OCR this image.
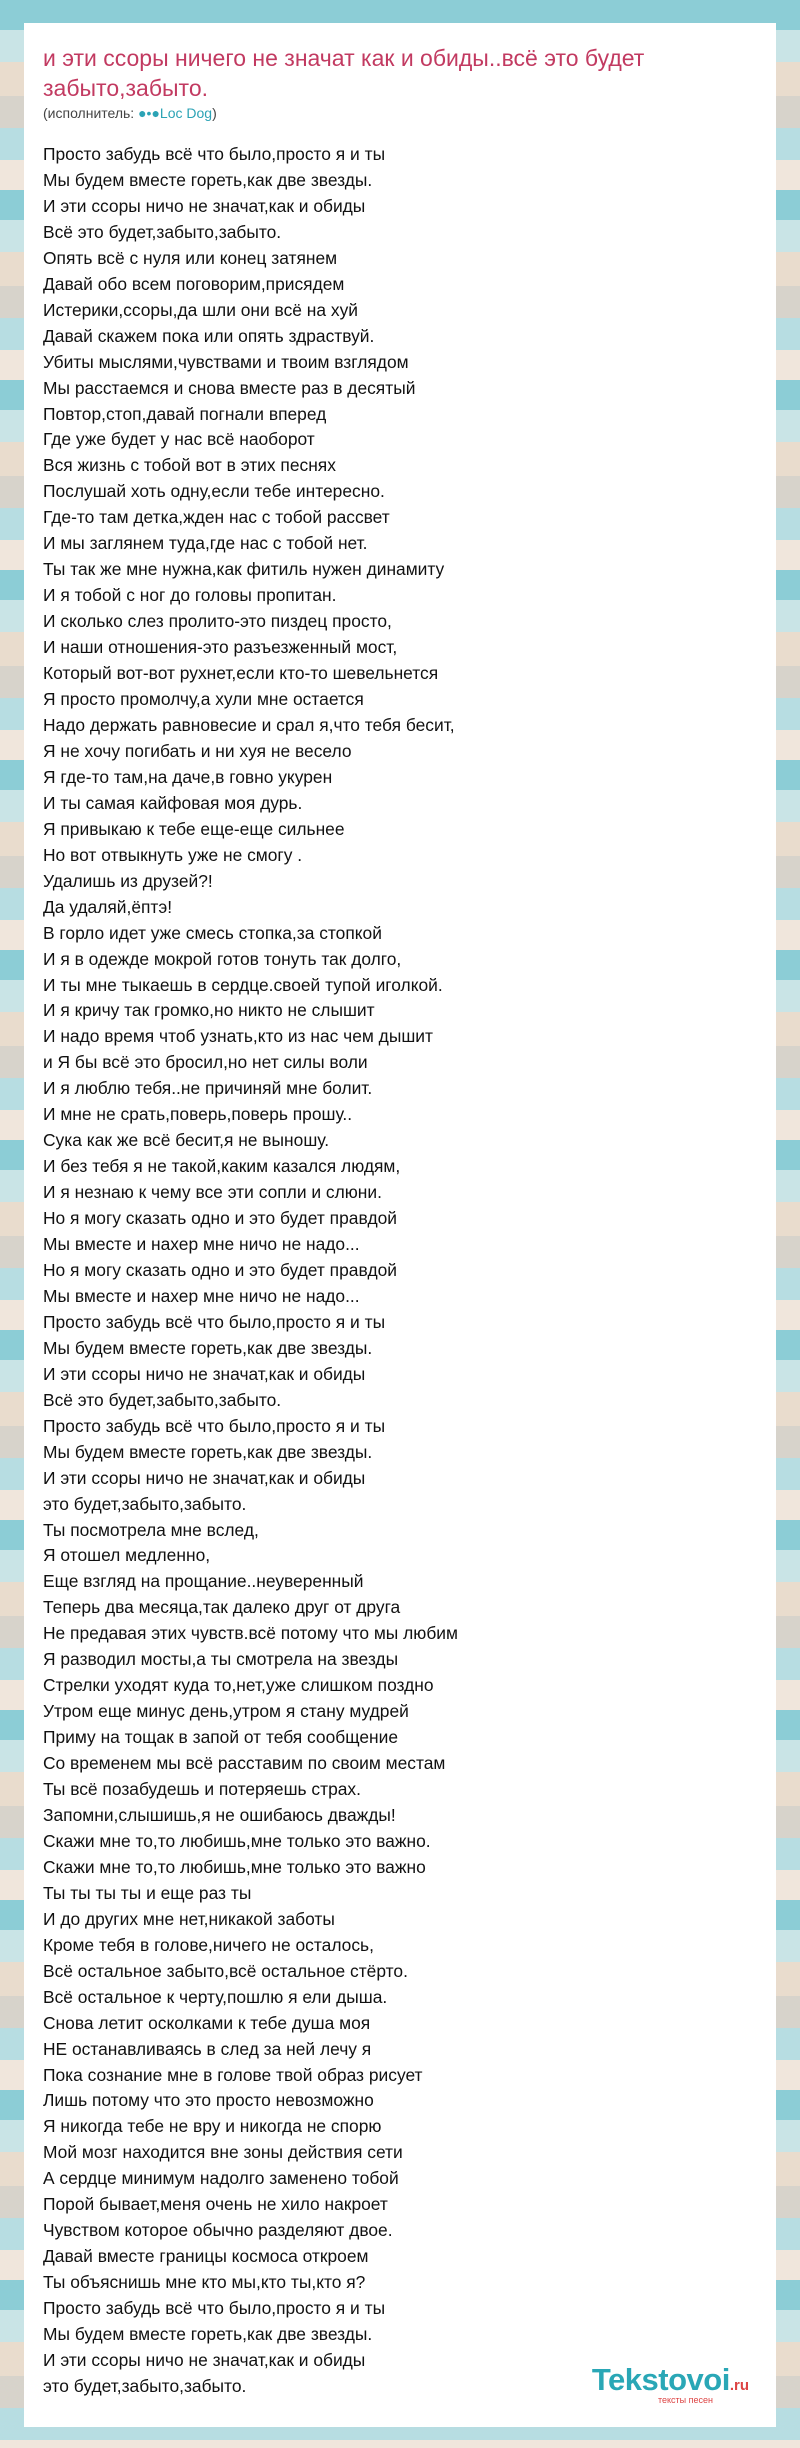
и эти ссоры ничего не значат как и обиды..всё это будет забыто,забыто.
(исполнитель: ●•●Loc Dog)
Просто забудь всё что было,просто я и ты
Мы будем вместе гореть,как две звезды.
И эти ссоры ничо не значат,как и обиды
Всё это будет,забыто,забыто.
Опять всё с нуля или конец затянем
Давай обо всем поговорим,присядем
Истерики,ссоры,да шли они всё на хуй
Давай скажем пока или опять здраствуй.
Убиты мыслями,чувствами и твоим взглядом
Мы расстаемся и снова вместе раз в десятый
Повтор,стоп,давай погнали вперед
Где уже будет у нас всё наоборот
Вся жизнь с тобой вот в этих песнях
Послушай хоть одну,если тебе интересно.
Где-то там детка,жден нас с тобой рассвет
И мы заглянем туда,где нас с тобой нет.
Ты так же мне нужна,как фитиль нужен динамиту
И я тобой с ног до головы пропитан.
И сколько слез пролито-это пиздец просто,
И наши отношения-это разъезженный мост,
Который вот-вот рухнет,если кто-то шевельнется
Я просто промолчу,а хули мне остается
Надо держать равновесие и срал я,что тебя бесит,
Я не хочу погибать и ни хуя не весело
Я где-то там,на даче,в говно укурен
И ты самая кайфовая моя дурь.
Я привыкаю к тебе еще-еще сильнее
Но вот отвыкнуть уже не смогу .
Удалишь из друзей?!
Да удаляй,ёптэ!
В горло идет уже смесь стопка,за стопкой
И я в одежде мокрой готов тонуть так долго,
И ты мне тыкаешь в сердце.своей тупой иголкой.
И я кричу так громко,но никто не слышит
И надо время чтоб узнать,кто из нас чем дышит
и Я бы всё это бросил,но нет силы воли
И я люблю тебя..не причиняй мне болит.
И мне не срать,поверь,поверь прошу..
Сука как же всё бесит,я не выношу.
И без тебя я не такой,каким казался людям,
И я незнаю к чему все эти сопли и слюни.
Но я могу сказать одно и это будет правдой
Мы вместе и нахер мне ничо не надо...
Но я могу сказать одно и это будет правдой
Мы вместе и нахер мне ничо не надо...
Просто забудь всё что было,просто я и ты
Мы будем вместе гореть,как две звезды.
И эти ссоры ничо не значат,как и обиды
Всё это будет,забыто,забыто.
Просто забудь всё что было,просто я и ты
Мы будем вместе гореть,как две звезды.
И эти ссоры ничо не значат,как и обиды
это будет,забыто,забыто.
Ты посмотрела мне вслед,
Я отошел медленно,
Еще взгляд на прощание..неуверенный
Теперь два месяца,так далеко друг от друга
Не предавая этих чувств.всё потому что мы любим
Я разводил мосты,а ты смотрела на звезды
Стрелки уходят куда то,нет,уже слишком поздно
Утром еще минус день,утром я стану мудрей
Приму на тощак в запой от тебя сообщение
Со временем мы всё расставим по своим местам
Ты всё позабудешь и потеряешь страх.
Запомни,слышишь,я не ошибаюсь дважды!
Скажи мне то,то любишь,мне только это важно.
Скажи мне то,то любишь,мне только это важно
Ты ты ты ты и еще раз ты
И до других мне нет,никакой заботы
Кроме тебя в голове,ничего не осталось,
Всё остальное забыто,всё остальное стёрто.
Всё остальное к черту,пошлю я ели дыша.
Снова летит осколками к тебе душа моя
НЕ останавливаясь в след за ней лечу я
Пока сознание мне в голове твой образ рисует
Лишь потому что это просто невозможно
Я никогда тебе не вру и никогда не спорю
Мой мозг находится вне зоны действия сети
А сердце минимум надолго заменено тобой
Порой бывает,меня очень не хило накроет
Чувством которое обычно разделяют двое.
Давай вместе границы космоса откроем
Ты объяснишь мне кто мы,кто ты,кто я?
Просто забудь всё что было,просто я и ты
Мы будем вместе гореть,как две звезды.
И эти ссоры ничо не значат,как и обиды
это будет,забыто,забыто.	Tekstovoi.ru
тексты песен
